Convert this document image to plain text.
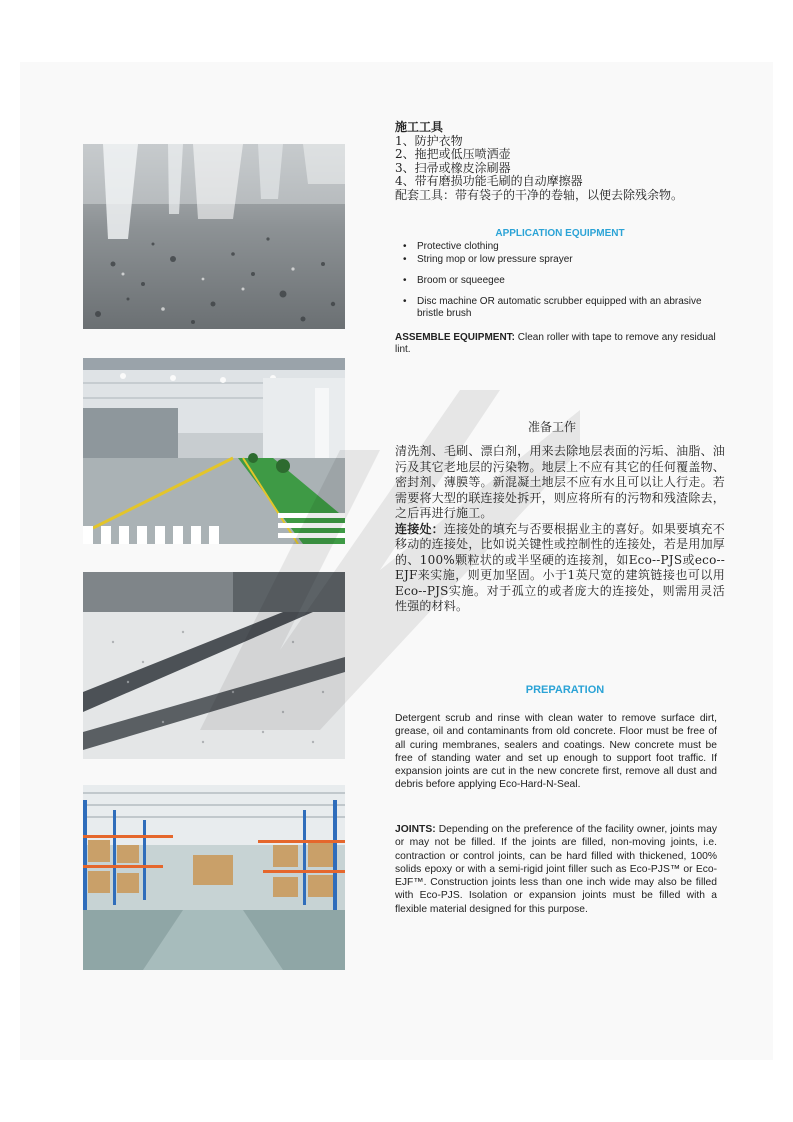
施工工具
1、防护衣物
2、拖把或低压喷洒壶
3、扫帚或橡皮涂刷器
4、带有磨损功能毛刷的自动摩擦器
配套工具：带有袋子的干净的卷轴，以便去除残余物。
APPLICATION EQUIPMENT
• Protective clothing
• String mop or low pressure sprayer
• Broom or squeegee
• Disc machine OR automatic scrubber equipped with an abrasive bristle brush
ASSEMBLE EQUIPMENT: Clean roller with tape to remove any residual lint.
准备工作
清洗剂、毛刷、漂白剂，用来去除地层表面的污垢、油脂、油污及其它老地层的污染物。地层上不应有其它的任何覆盖物、密封剂、薄膜等。新混凝土地层不应有水且可以让人行走。若需要将大型的联连接处拆开，则应将所有的污物和残渣除去，之后再进行施工。
连接处：连接处的填充与否要根据业主的喜好。如果要填充不移动的连接处，比如说关键性或控制性的连接处，若是用加厚的、100%颗粒状的或半坚硬的连接剂，如Eco--PJS或eco--EJF来实施，则更加坚固。小于1英尺宽的建筑链接也可以用Eco--PJS实施。对于孤立的或者庞大的连接处，则需用灵活性强的材料。
PREPARATION
Detergent scrub and rinse with clean water to remove surface dirt, grease, oil and contaminants from old concrete. Floor must be free of all curing membranes, sealers and coatings. New concrete must be free of standing water and set up enough to support foot traffic. If expansion joints are cut in the new concrete first, remove all dust and debris before applying Eco-Hard-N-Seal.
JOINTS: Depending on the preference of the facility owner, joints may or may not be filled. If the joints are filled, non-moving joints, i.e. contraction or control joints, can be hard filled with thickened, 100% solids epoxy or with a semi-rigid joint filler such as Eco-PJS™ or Eco-EJF™. Construction joints less than one inch wide may also be filled with Eco-PJS. Isolation or expansion joints must be filled with a flexible material designed for this purpose.
